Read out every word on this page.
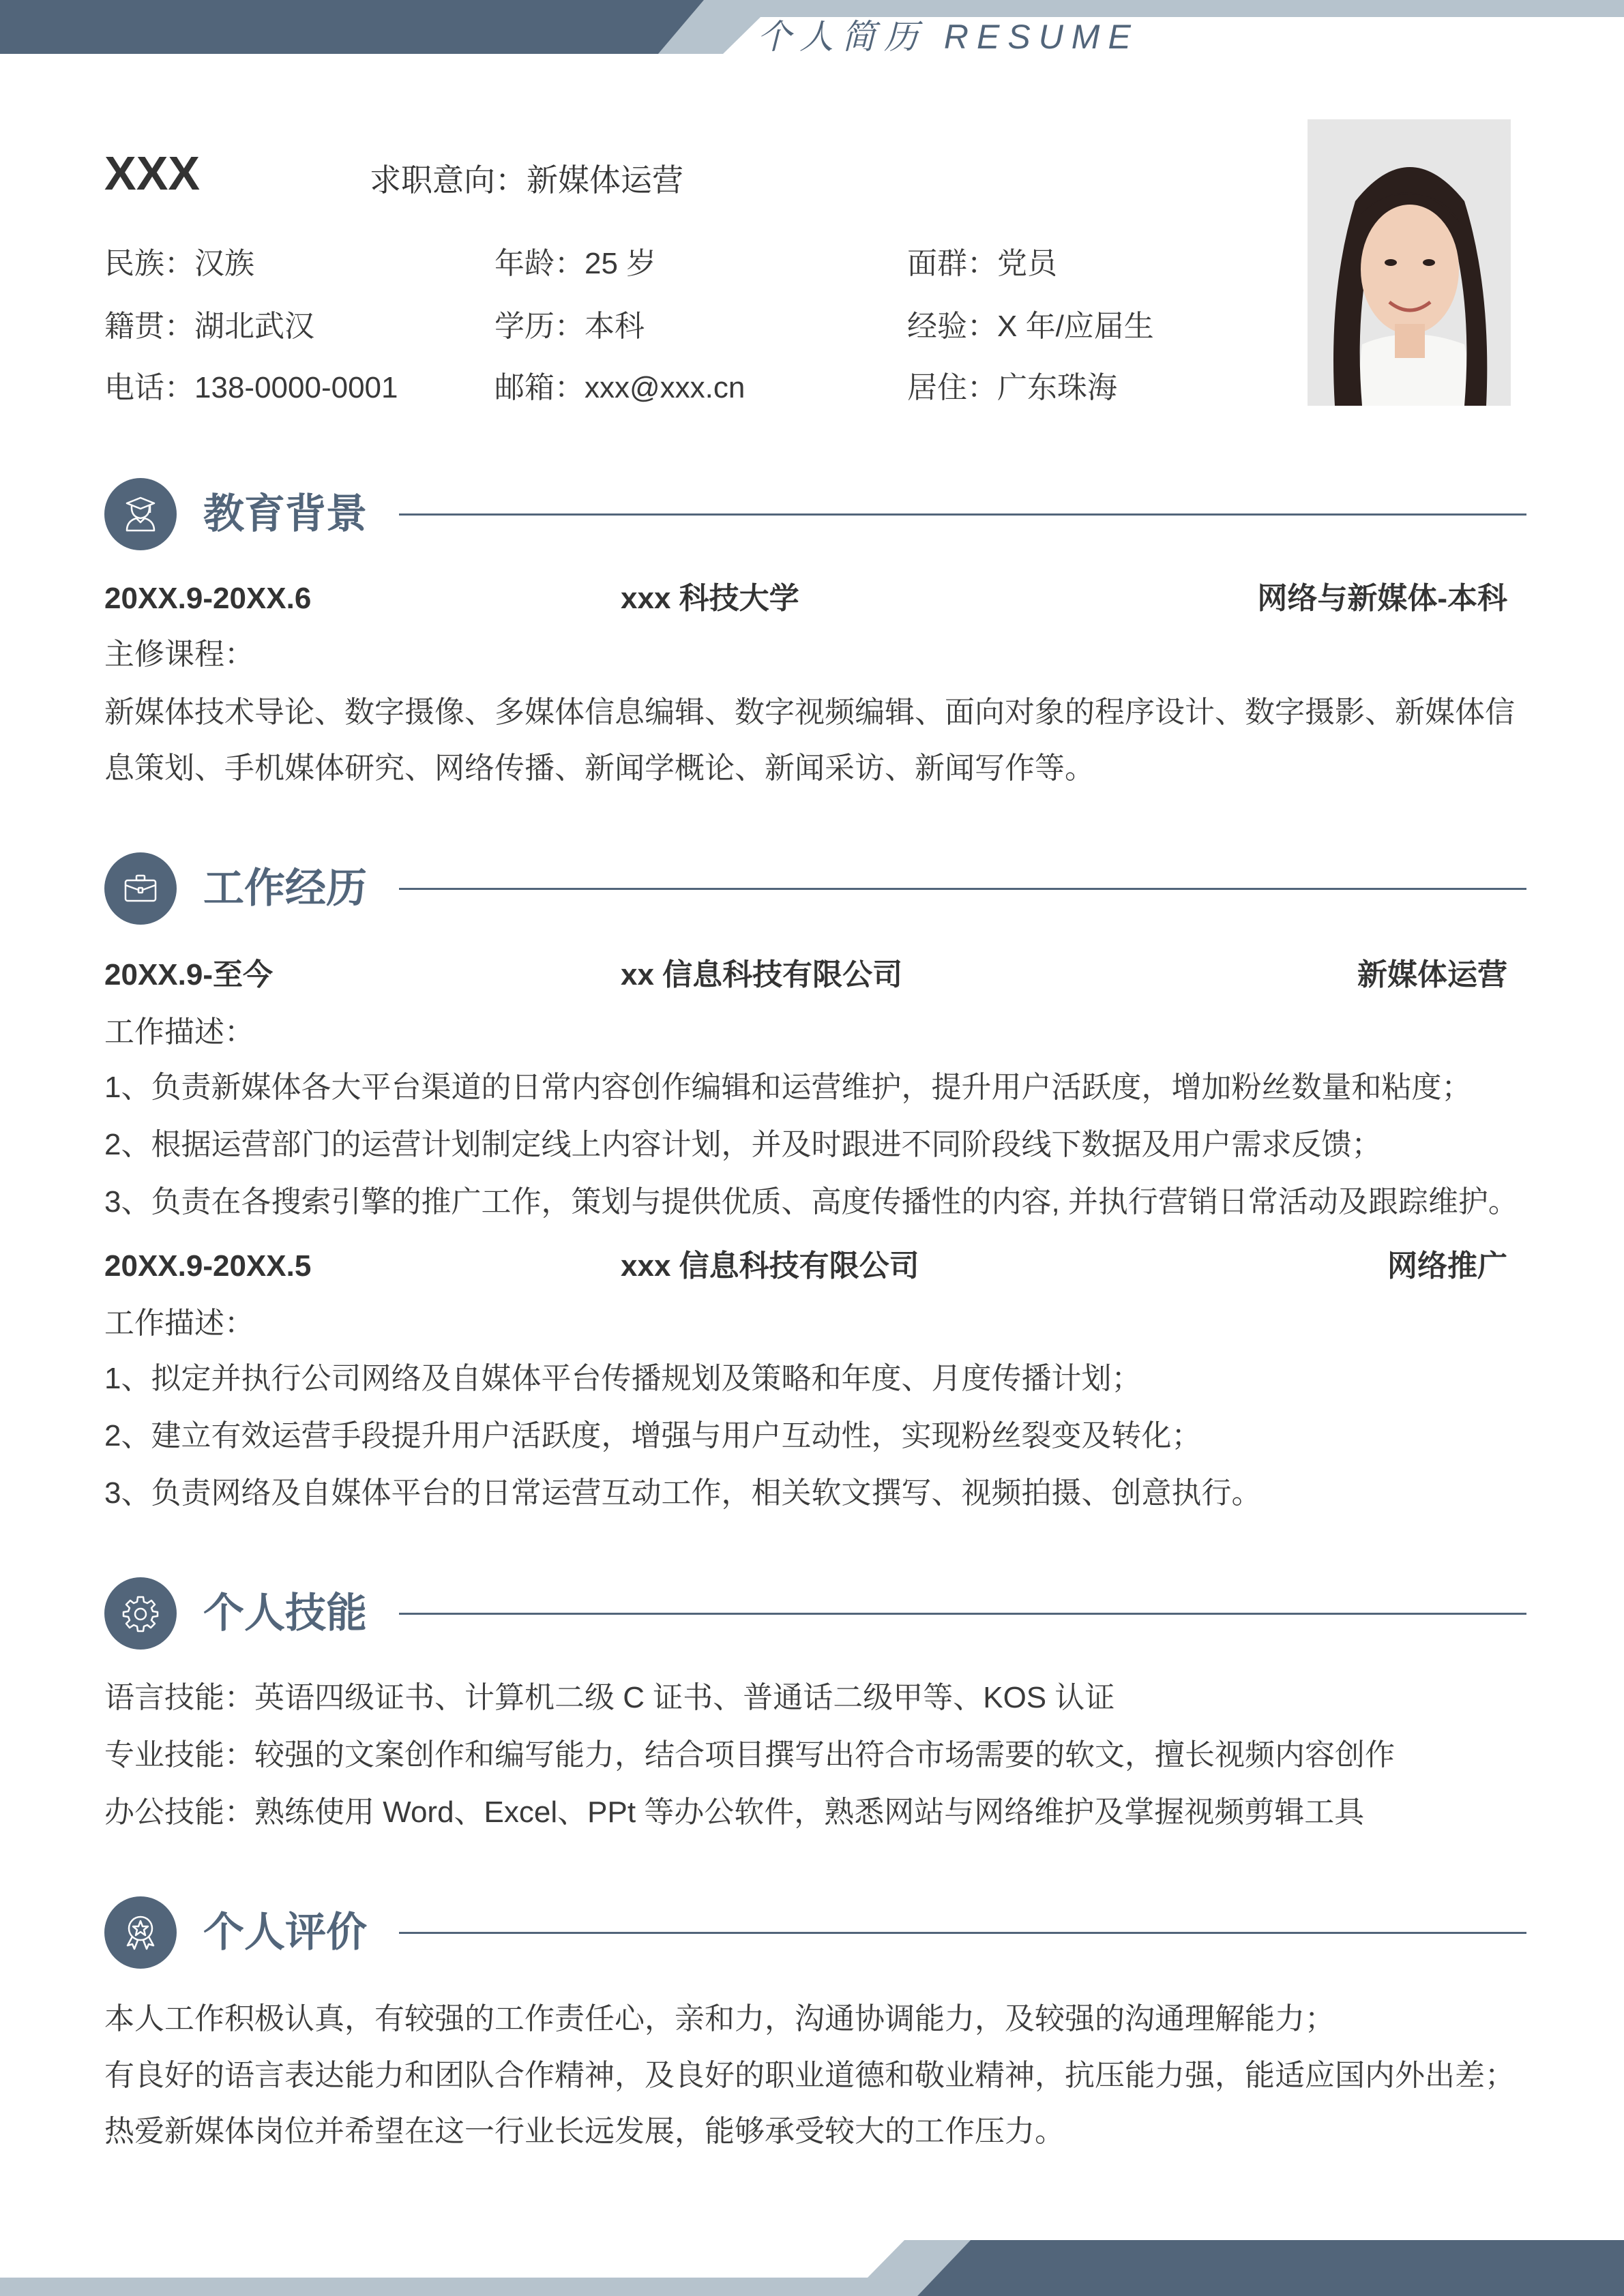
个人简历 RESUME
XXX	求职意向：新媒体运营
民族：汉族	年龄：25 岁	面群：党员
籍贯：湖北武汉	学历：本科	经验：X 年/应届生
电话：138-0000-0001	邮箱：xxx@xxx.cn	居住：广东珠海
教育背景
20XX.9-20XX.6	xxx 科技大学	网络与新媒体-本科
主修课程：
新媒体技术导论、数字摄像、多媒体信息编辑、数字视频编辑、面向对象的程序设计、数字摄影、新媒体信
息策划、手机媒体研究、网络传播、新闻学概论、新闻采访、新闻写作等。
工作经历
20XX.9-至今	xx 信息科技有限公司	新媒体运营
工作描述：
1、负责新媒体各大平台渠道的日常内容创作编辑和运营维护，提升用户活跃度，增加粉丝数量和粘度；
2、根据运营部门的运营计划制定线上内容计划，并及时跟进不同阶段线下数据及用户需求反馈；
3、负责在各搜索引擎的推广工作，策划与提供优质、高度传播性的内容, 并执行营销日常活动及跟踪维护。
20XX.9-20XX.5	xxx 信息科技有限公司	网络推广
工作描述：
1、拟定并执行公司网络及自媒体平台传播规划及策略和年度、月度传播计划；
2、建立有效运营手段提升用户活跃度，增强与用户互动性，实现粉丝裂变及转化；
3、负责网络及自媒体平台的日常运营互动工作，相关软文撰写、视频拍摄、创意执行。
个人技能
语言技能：英语四级证书、计算机二级 C 证书、普通话二级甲等、KOS 认证
专业技能：较强的文案创作和编写能力，结合项目撰写出符合市场需要的软文，擅长视频内容创作
办公技能：熟练使用 Word、Excel、PPt 等办公软件，熟悉网站与网络维护及掌握视频剪辑工具
个人评价
本人工作积极认真，有较强的工作责任心，亲和力，沟通协调能力，及较强的沟通理解能力；
有良好的语言表达能力和团队合作精神，及良好的职业道德和敬业精神，抗压能力强，能适应国内外出差；
热爱新媒体岗位并希望在这一行业长远发展，能够承受较大的工作压力。
